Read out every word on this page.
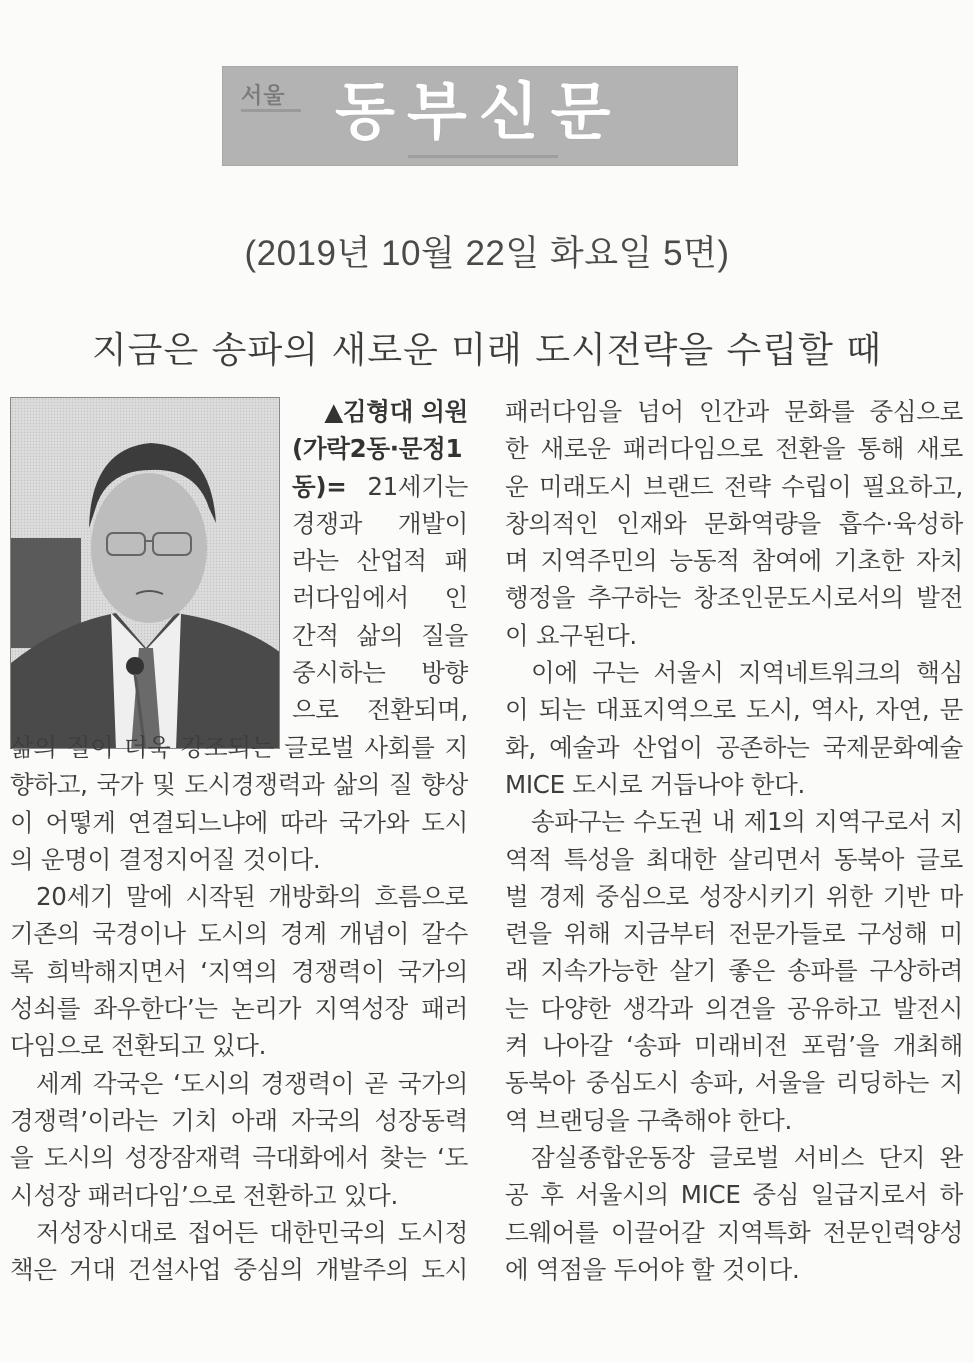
서울 동부신문
(2019년 10월 22일 화요일 5면)
지금은 송파의 새로운 미래 도시전략을 수립할 때
▲김형대 의원
(가락2동·문정1
동)= 21세기는
경쟁과 개발이
라는 산업적 패
러다임에서 인
간적 삶의 질을
중시하는 방향
으로 전환되며,
삶의 질이 더욱 강조되는 글로벌 사회를 지
향하고, 국가 및 도시경쟁력과 삶의 질 향상
이 어떻게 연결되느냐에 따라 국가와 도시
의 운명이 결정지어질 것이다.
20세기 말에 시작된 개방화의 흐름으로
기존의 국경이나 도시의 경계 개념이 갈수
록 희박해지면서 ‘지역의 경쟁력이 국가의
성쇠를 좌우한다’는 논리가 지역성장 패러
다임으로 전환되고 있다.
세계 각국은 ‘도시의 경쟁력이 곧 국가의
경쟁력’이라는 기치 아래 자국의 성장동력
을 도시의 성장잠재력 극대화에서 찾는 ‘도
시성장 패러다임’으로 전환하고 있다.
저성장시대로 접어든 대한민국의 도시정
책은 거대 건설사업 중심의 개발주의 도시
패러다임을 넘어 인간과 문화를 중심으로
한 새로운 패러다임으로 전환을 통해 새로
운 미래도시 브랜드 전략 수립이 필요하고,
창의적인 인재와 문화역량을 흡수·육성하
며 지역주민의 능동적 참여에 기초한 자치
행정을 추구하는 창조인문도시로서의 발전
이 요구된다.
이에 구는 서울시 지역네트워크의 핵심
이 되는 대표지역으로 도시, 역사, 자연, 문
화, 예술과 산업이 공존하는 국제문화예술
MICE 도시로 거듭나야 한다.
송파구는 수도권 내 제1의 지역구로서 지
역적 특성을 최대한 살리면서 동북아 글로
벌 경제 중심으로 성장시키기 위한 기반 마
련을 위해 지금부터 전문가들로 구성해 미
래 지속가능한 살기 좋은 송파를 구상하려
는 다양한 생각과 의견을 공유하고 발전시
켜 나아갈 ‘송파 미래비전 포럼’을 개최해
동북아 중심도시 송파, 서울을 리딩하는 지
역 브랜딩을 구축해야 한다.
잠실종합운동장 글로벌 서비스 단지 완
공 후 서울시의 MICE 중심 일급지로서 하
드웨어를 이끌어갈 지역특화 전문인력양성
에 역점을 두어야 할 것이다.
